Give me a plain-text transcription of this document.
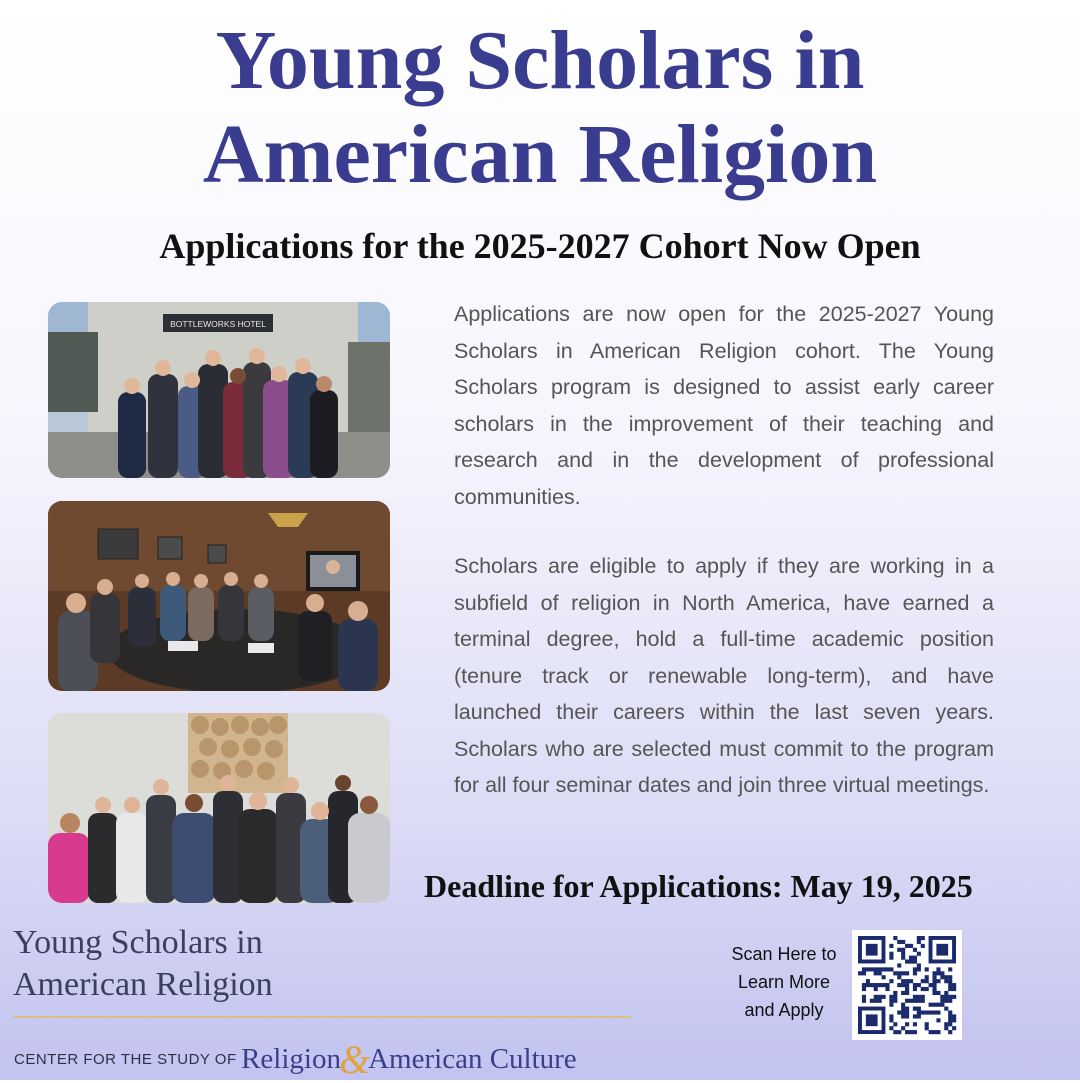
Young Scholars in
American Religion
Applications for the 2025-2027 Cohort Now Open
BOTTLEWORKS HOTEL	Applications are now open for the 2025-2027 Young Scholars in American Religion cohort. The Young Scholars program is designed to assist early career scholars in the improvement of their teaching and research and in the development of professional communities.

Scholars are eligible to apply if they are working in a subfield of religion in North America, have earned a terminal degree, hold a full-time academic position (tenure track or renewable long-term), and have launched their careers within the last seven years. Scholars who are selected must commit to the program for all four seminar dates and join three virtual meetings.

Deadline for Applications: May 19, 2025

Young Scholars in
American Religion
CENTER FOR THE STUDY OF Religion&American Culture

Scan Here to
Learn More
and Apply
